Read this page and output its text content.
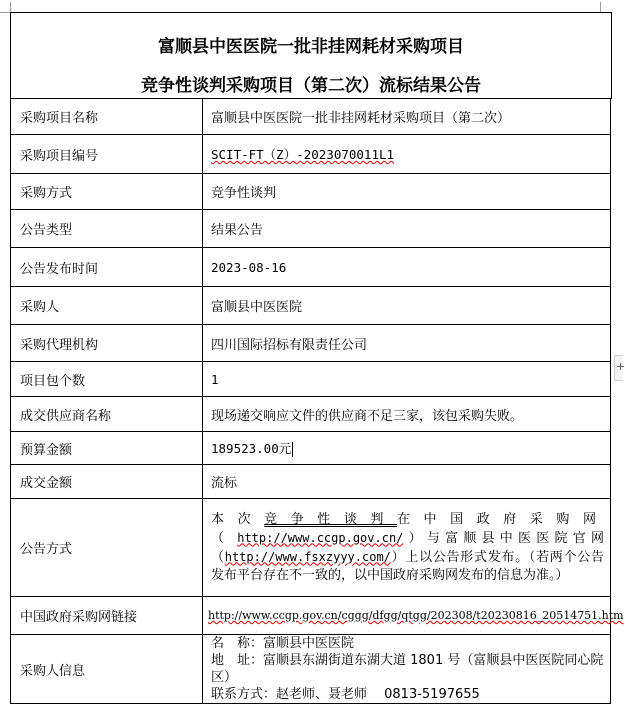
富顺县中医医院一批非挂网耗材采购项目
竞争性谈判采购项目（第二次）流标结果公告
采购项目名称	富顺县中医医院一批非挂网耗材采购项目（第二次）
采购项目编号	SCIT-FT（Z）-2023070011L1
采购方式	竞争性谈判
公告类型	结果公告
公告发布时间	2023-08-16
采购人	富顺县中医医院
采购代理机构	四川国际招标有限责任公司
项目包个数	1
成交供应商名称	现场递交响应文件的供应商不足三家，该包采购失败。
预算金额	189523.00元
成交金额	流标
公告方式	本次竞争性谈判在中国政府采购网（http://www.ccgp.gov.cn/）与富顺县中医医院官网（http://www.fsxzyyy.com/）上以公告形式发布。（若两个公告发布平台存在不一致的，以中国政府采购网发布的信息为准。）
中国政府采购网链接	http://www.ccgp.gov.cn/cggg/dfgg/qtgg/202308/t20230816_20514751.htm
采购人信息	名　称：富顺县中医医院
地　址：富顺县东湖街道东湖大道 1801 号（富顺县中医医院同心院区）
联系方式：赵老师、聂老师　 0813-5197655
+
